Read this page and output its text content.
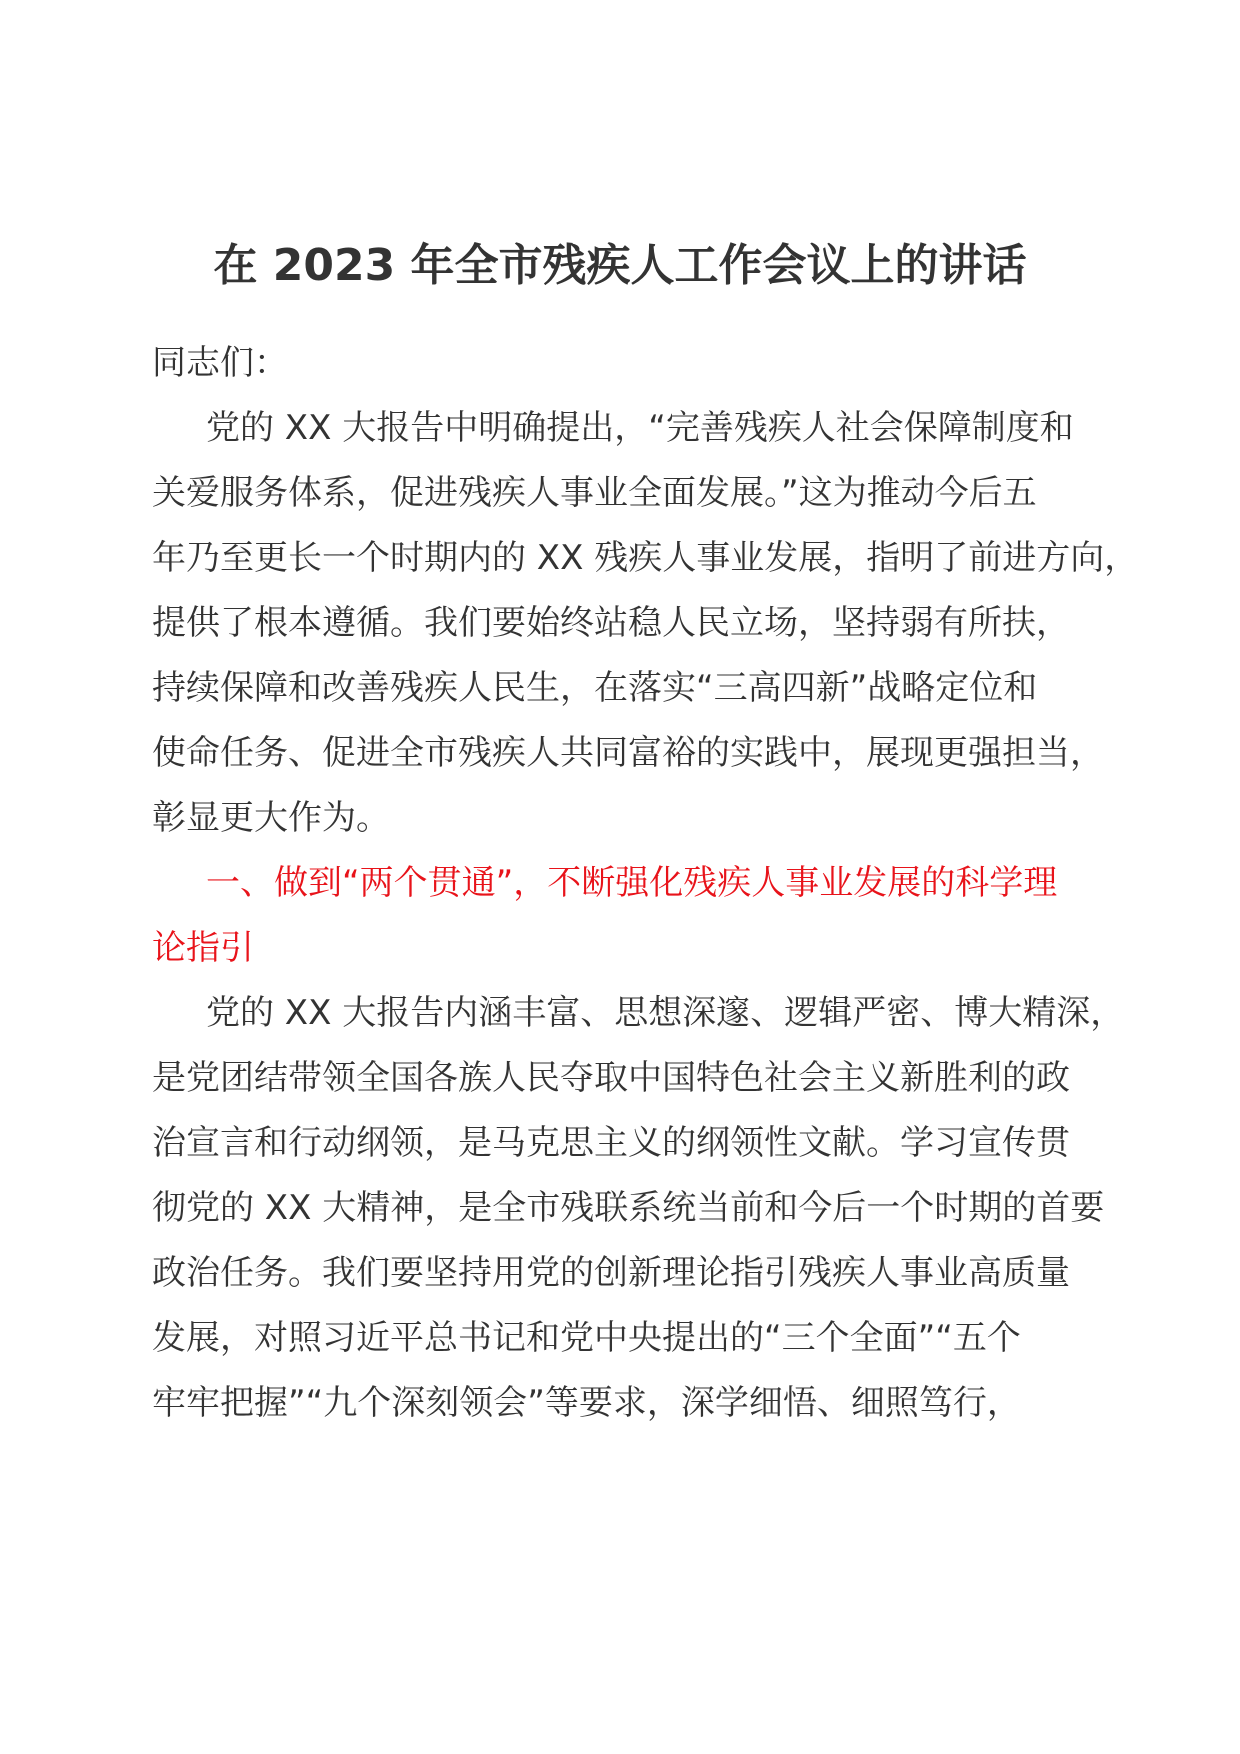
在 2023 年全市残疾人工作会议上的讲话
同志们：
党的 XX 大报告中明确提出，“完善残疾人社会保障制度和
关爱服务体系，促进残疾人事业全面发展。”这为推动今后五
年乃至更长一个时期内的 XX 残疾人事业发展，指明了前进方向，
提供了根本遵循。我们要始终站稳人民立场，坚持弱有所扶，
持续保障和改善残疾人民生，在落实“三高四新”战略定位和
使命任务、促进全市残疾人共同富裕的实践中，展现更强担当，
彰显更大作为。
一、做到“两个贯通”，不断强化残疾人事业发展的科学理
论指引
党的 XX 大报告内涵丰富、思想深邃、逻辑严密、博大精深，
是党团结带领全国各族人民夺取中国特色社会主义新胜利的政
治宣言和行动纲领，是马克思主义的纲领性文献。学习宣传贯
彻党的 XX 大精神，是全市残联系统当前和今后一个时期的首要
政治任务。我们要坚持用党的创新理论指引残疾人事业高质量
发展，对照习近平总书记和党中央提出的“三个全面”“五个
牢牢把握”“九个深刻领会”等要求，深学细悟、细照笃行，
